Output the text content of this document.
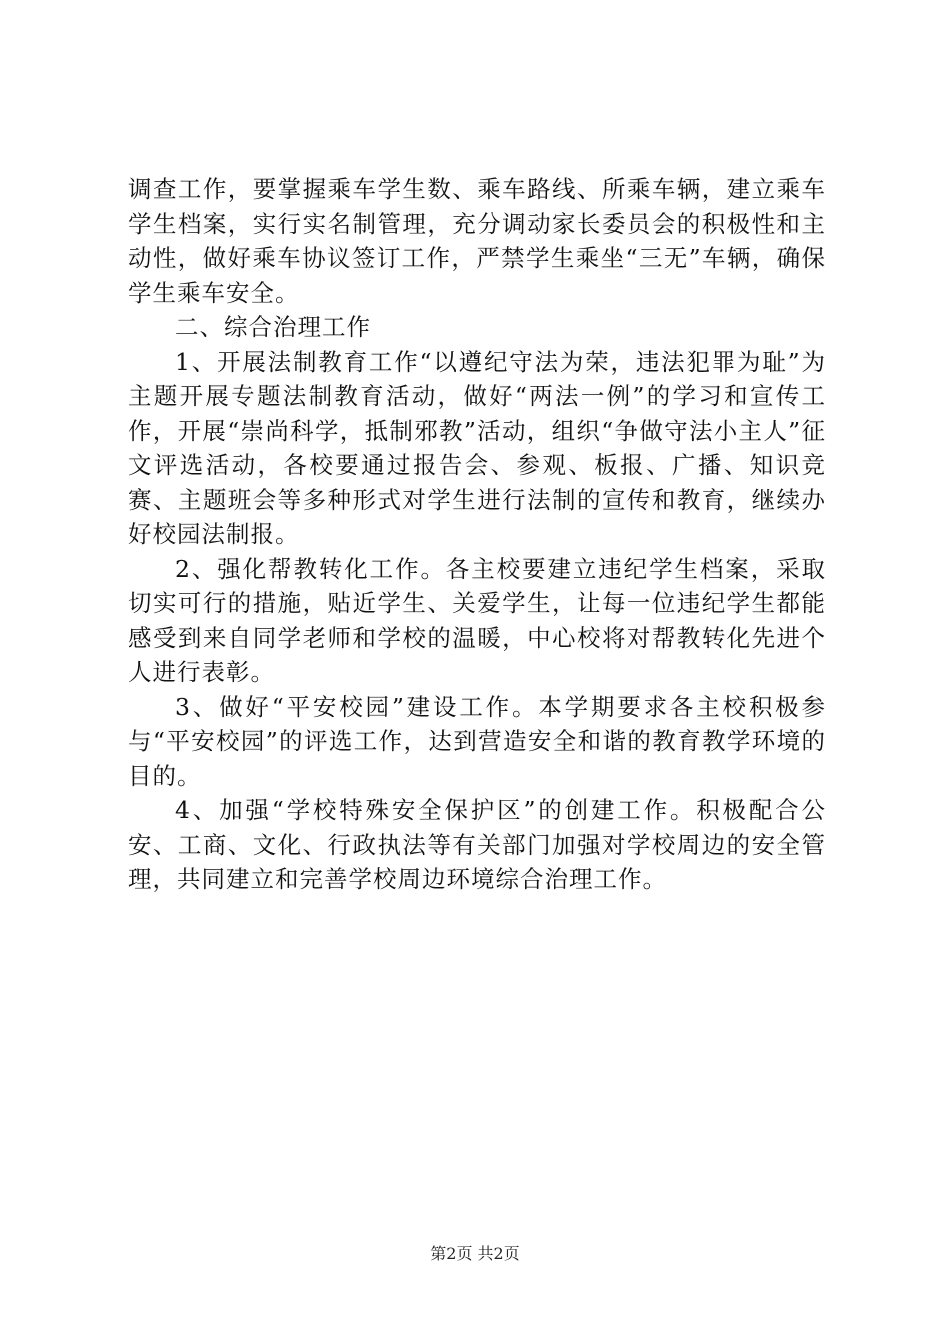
调查工作，要掌握乘车学生数、乘车路线、所乘车辆，建立乘车学生档案，实行实名制管理，充分调动家长委员会的积极性和主动性，做好乘车协议签订工作，严禁学生乘坐“三无”车辆，确保学生乘车安全。

二、综合治理工作

1、开展法制教育工作“以遵纪守法为荣，违法犯罪为耻”为主题开展专题法制教育活动，做好“两法一例”的学习和宣传工作，开展“崇尚科学，抵制邪教”活动，组织“争做守法小主人”征文评选活动，各校要通过报告会、参观、板报、广播、知识竞赛、主题班会等多种形式对学生进行法制的宣传和教育，继续办好校园法制报。

2、强化帮教转化工作。各主校要建立违纪学生档案，采取切实可行的措施，贴近学生、关爱学生，让每一位违纪学生都能感受到来自同学老师和学校的温暖，中心校将对帮教转化先进个人进行表彰。

3、做好“平安校园”建设工作。本学期要求各主校积极参与“平安校园”的评选工作，达到营造安全和谐的教育教学环境的目的。

4、加强“学校特殊安全保护区”的创建工作。积极配合公安、工商、文化、行政执法等有关部门加强对学校周边的安全管理，共同建立和完善学校周边环境综合治理工作。

第2页 共2页
